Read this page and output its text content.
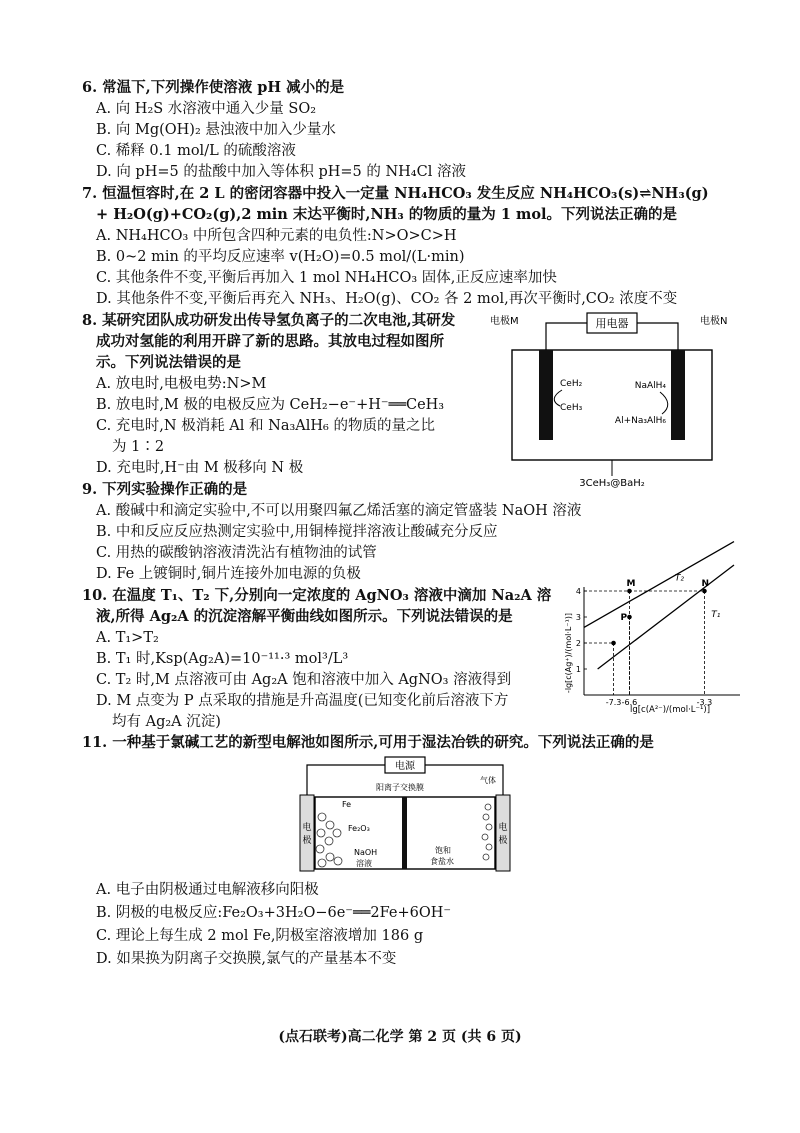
6. 常温下,下列操作使溶液 pH 减小的是
A. 向 H₂S 水溶液中通入少量 SO₂
B. 向 Mg(OH)₂ 悬浊液中加入少量水
C. 稀释 0.1 mol/L 的硫酸溶液
D. 向 pH=5 的盐酸中加入等体积 pH=5 的 NH₄Cl 溶液
7. 恒温恒容时,在 2 L 的密闭容器中投入一定量 NH₄HCO₃ 发生反应 NH₄HCO₃(s)⇌NH₃(g)
+ H₂O(g)+CO₂(g),2 min 末达平衡时,NH₃ 的物质的量为 1 mol。下列说法正确的是
A. NH₄HCO₃ 中所包含四种元素的电负性:N>O>C>H
B. 0~2 min 的平均反应速率 v(H₂O)=0.5 mol/(L·min)
C. 其他条件不变,平衡后再加入 1 mol NH₄HCO₃ 固体,正反应速率加快
D. 其他条件不变,平衡后再充入 NH₃、H₂O(g)、CO₂ 各 2 mol,再次平衡时,CO₂ 浓度不变
8. 某研究团队成功研发出传导氢负离子的二次电池,其研发
成功对氢能的利用开辟了新的思路。其放电过程如图所
示。下列说法错误的是
A. 放电时,电极电势:N>M
B. 放电时,M 极的电极反应为 CeH₂−e⁻+H⁻══CeH₃
C. 充电时,N 极消耗 Al 和 Na₃AlH₆ 的物质的量之比
为 1∶2
D. 充电时,H⁻由 M 极移向 N 极
用电器
电极M	电极N
CeH₂
CeH₃
NaAlH₄
Al+Na₃AlH₆
3CeH₃@BaH₂
9. 下列实验操作正确的是
A. 酸碱中和滴定实验中,不可以用聚四氟乙烯活塞的滴定管盛装 NaOH 溶液
B. 中和反应反应热测定实验中,用铜棒搅拌溶液让酸碱充分反应
C. 用热的碳酸钠溶液清洗沾有植物油的试管
D. Fe 上镀铜时,铜片连接外加电源的负极
10. 在温度 T₁、T₂ 下,分别向一定浓度的 AgNO₃ 溶液中滴加 Na₂A 溶
液,所得 Ag₂A 的沉淀溶解平衡曲线如图所示。下列说法错误的是
A. T₁>T₂
B. T₁ 时,Ksp(Ag₂A)=10⁻¹¹·³ mol³/L³
C. T₂ 时,M 点溶液可由 Ag₂A 饱和溶液中加入 AgNO₃ 溶液得到
D. M 点变为 P 点采取的措施是升高温度(已知变化前后溶液下方
均有 Ag₂A 沉淀)
-lg[c(Ag⁺)/(mol·L⁻¹)]
lg[c(A²⁻)/(mol·L⁻¹)]
1
2
3
4
-7.3 -6.6	-3.3
T₂
T₁
M	N
P
11. 一种基于氯碱工艺的新型电解池如图所示,可用于湿法冶铁的研究。下列说法正确的是
电源
阳离子交换膜
气体
电
极
电
极
Fe
Fe₂O₃
NaOH
溶液
饱和
食盐水
A. 电子由阴极通过电解液移向阳极
B. 阴极的电极反应:Fe₂O₃+3H₂O−6e⁻══2Fe+6OH⁻
C. 理论上每生成 2 mol Fe,阴极室溶液增加 186 g
D. 如果换为阴离子交换膜,氯气的产量基本不变
(点石联考)高二化学 第 2 页 (共 6 页)
